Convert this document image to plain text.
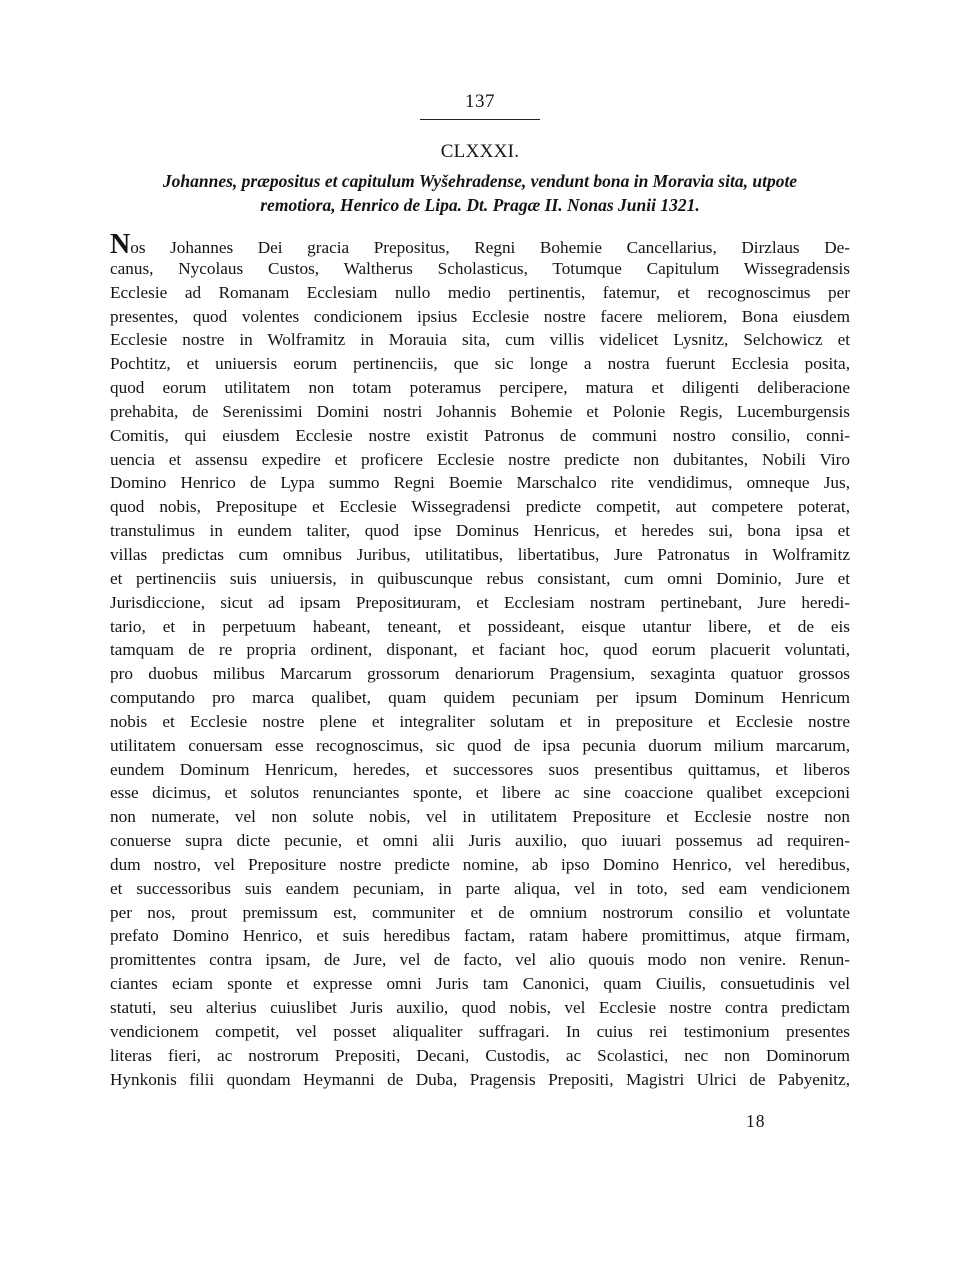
137
CLXXXI.
Johannes, præpositus et capitulum Wyšehradense, vendunt bona in Moravia sita, utpote
remotiora, Henrico de Lipa. Dt. Pragæ II. Nonas Junii 1321.
Nos Johannes Dei gracia Prepositus, Regni Bohemie Cancellarius, Dirzlaus De-
canus, Nycolaus Custos, Waltherus Scholasticus, Totumque Capitulum Wissegradensis
Ecclesie ad Romanam Ecclesiam nullo medio pertinentis, fatemur, et recognoscimus per
presentes, quod volentes condicionem ipsius Ecclesie nostre facere meliorem, Bona eiusdem
Ecclesie nostre in Wolframitz in Morauia sita, cum villis videlicet Lysnitz, Selchowicz et
Pochtitz, et uniuersis eorum pertinenciis, que sic longe a nostra fuerunt Ecclesia posita,
quod eorum utilitatem non totam poteramus percipere, matura et diligenti deliberacione
prehabita, de Serenissimi Domini nostri Johannis Bohemie et Polonie Regis, Lucemburgensis
Comitis, qui eiusdem Ecclesie nostre existit Patronus de communi nostro consilio, conni-
uencia et assensu expedire et proficere Ecclesie nostre predicte non dubitantes, Nobili Viro
Domino Henrico de Lypa summo Regni Boemie Marschalco rite vendidimus, omneque Jus,
quod nobis, Preposituре et Ecclesie Wissegradensi predicte competit, aut competere poterat,
transtulimus in eundem taliter, quod ipse Dominus Henricus, et heredes sui, bona ipsa et
villas predictas cum omnibus Juribus, utilitatibus, libertatibus, Jure Patronatus in Wolframitz
et pertinenciis suis uniuersis, in quibuscunque rebus consistant, cum omni Dominio, Jure et
Jurisdiccione, sicut ad ipsam Prepositиuram, et Ecclesiam nostram pertinebant, Jure heredi-
tario, et in perpetuum habeant, teneant, et possideant, eisque utantur libere, et de eis
tamquam de re propria ordinent, disponant, et faciant hoc, quod eorum placuerit voluntati,
pro duobus milibus Marcarum grossorum denariorum Pragensium, sexaginta quatuor grossos
computando pro marca qualibet, quam quidem pecuniam per ipsum Dominum Henricum
nobis et Ecclesie nostre plene et integraliter solutam et in prepositure et Ecclesie nostre
utilitatem conuersam esse recognoscimus, sic quod de ipsa pecunia duorum milium marcarum,
eundem Dominum Henricum, heredes, et successores suos presentibus quittamus, et liberos
esse dicimus, et solutos renunciantes sponte, et libere ac sine coaccione qualibet excepcioni
non numerate, vel non solute nobis, vel in utilitatem Prepositure et Ecclesie nostre non
conuerse supra dicte pecunie, et omni alii Juris auxilio, quo iuuari possemus ad requiren-
dum nostro, vel Prepositure nostre predicte nomine, ab ipso Domino Henrico, vel heredibus,
et successoribus suis eandem pecuniam, in parte aliqua, vel in toto, sed eam vendicionem
per nos, prout premissum est, communiter et de omnium nostrorum consilio et voluntate
prefato Domino Henrico, et suis heredibus factam, ratam habere promittimus, atque firmam,
promittentes contra ipsam, de Jure, vel de facto, vel alio quouis modo non venire. Renun-
ciantes eciam sponte et expresse omni Juris tam Canonici, quam Ciuilis, consuetudinis vel
statuti, seu alterius cuiuslibet Juris auxilio, quod nobis, vel Ecclesie nostre contra predictam
vendicionem competit, vel posset aliqualiter suffragari. In cuius rei testimonium presentes
literas fieri, ac nostrorum Prepositi, Decani, Custodis, ac Scolastici, nec non Dominorum
Hynkonis filii quondam Heymanni de Duba, Pragensis Prepositi, Magistri Ulrici de Pabyenitz,
18
